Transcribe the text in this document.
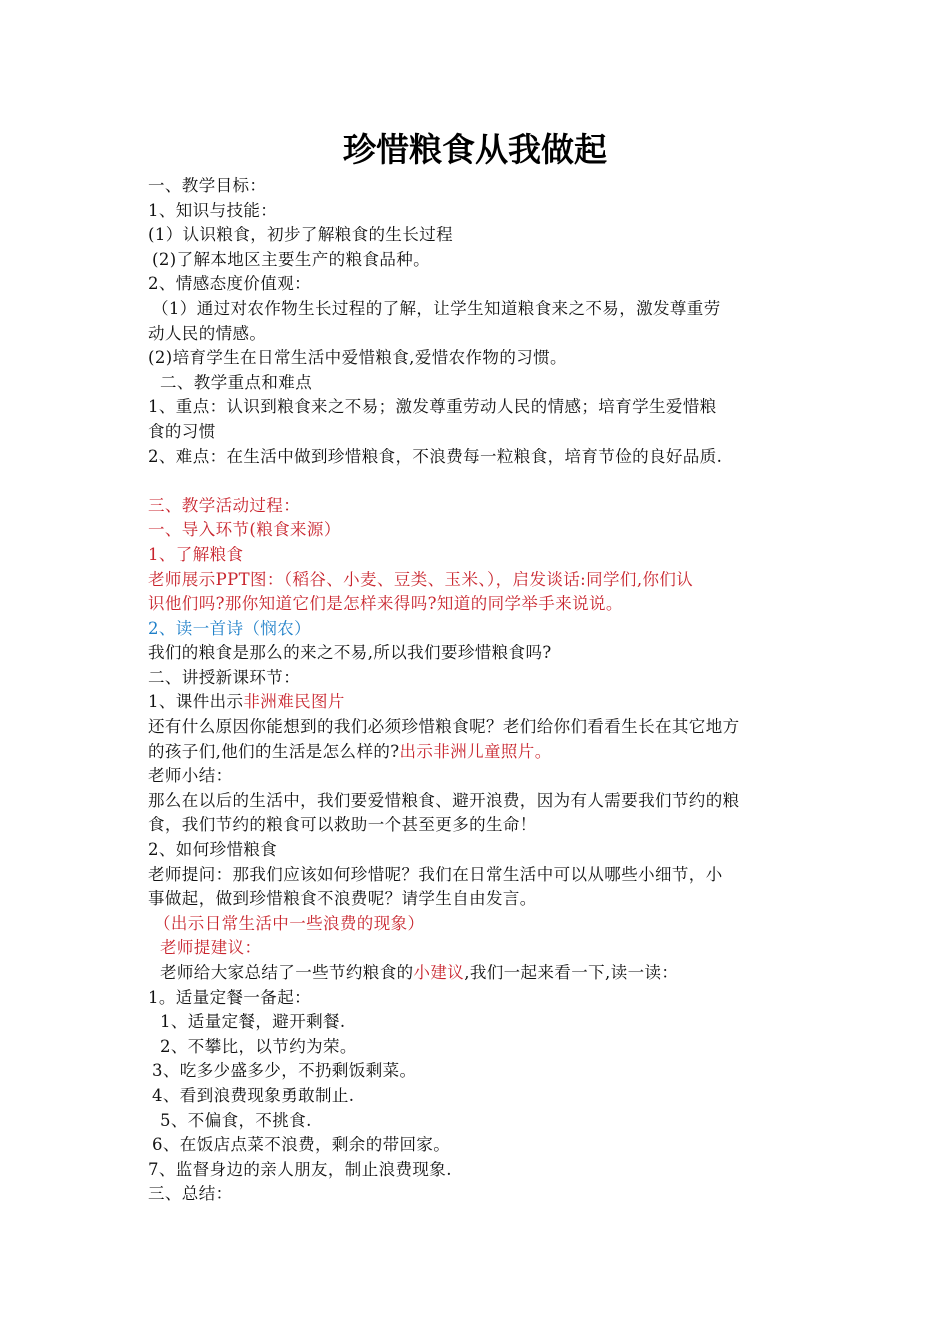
珍惜粮食从我做起
一、教学目标：
1、知识与技能：
(1）认识粮食，初步了解粮食的生长过程
(2)了解本地区主要生产的粮食品种。
2、情感态度价值观：
（1）通过对农作物生长过程的了解，让学生知道粮食来之不易，激发尊重劳
动人民的情感。
(2)培育学生在日常生活中爱惜粮食,爱惜农作物的习惯。
二、教学重点和难点
1、重点：认识到粮食来之不易；激发尊重劳动人民的情感；培育学生爱惜粮
食的习惯
2、难点：在生活中做到珍惜粮食，不浪费每一粒粮食，培育节俭的良好品质.
三、教学活动过程：
一、导入环节(粮食来源）
1、了解粮食
老师展示PPT图：（稻谷、小麦、豆类、玉米、），启发谈话:同学们,你们认
识他们吗?那你知道它们是怎样来得吗?知道的同学举手来说说。
2、读一首诗（悯农）
我们的粮食是那么的来之不易,所以我们要珍惜粮食吗?
二、讲授新课环节：
1、课件出示非洲难民图片
还有什么原因你能想到的我们必须珍惜粮食呢？老们给你们看看生长在其它地方
的孩子们,他们的生活是怎么样的?出示非洲儿童照片。
老师小结：
那么在以后的生活中，我们要爱惜粮食、避开浪费，因为有人需要我们节约的粮
食，我们节约的粮食可以救助一个甚至更多的生命！
2、如何珍惜粮食
老师提问：那我们应该如何珍惜呢？我们在日常生活中可以从哪些小细节，小
事做起，做到珍惜粮食不浪费呢？请学生自由发言。
（出示日常生活中一些浪费的现象）
老师提建议：
老师给大家总结了一些节约粮食的小建议,我们一起来看一下,读一读：
1。适量定餐一备起：
1、适量定餐，避开剩餐.
2、不攀比，以节约为荣。
3、吃多少盛多少，不扔剩饭剩菜。
4、看到浪费现象勇敢制止.
5、不偏食，不挑食.
6、在饭店点菜不浪费，剩余的带回家。
7、监督身边的亲人朋友，制止浪费现象.
三、总结：
